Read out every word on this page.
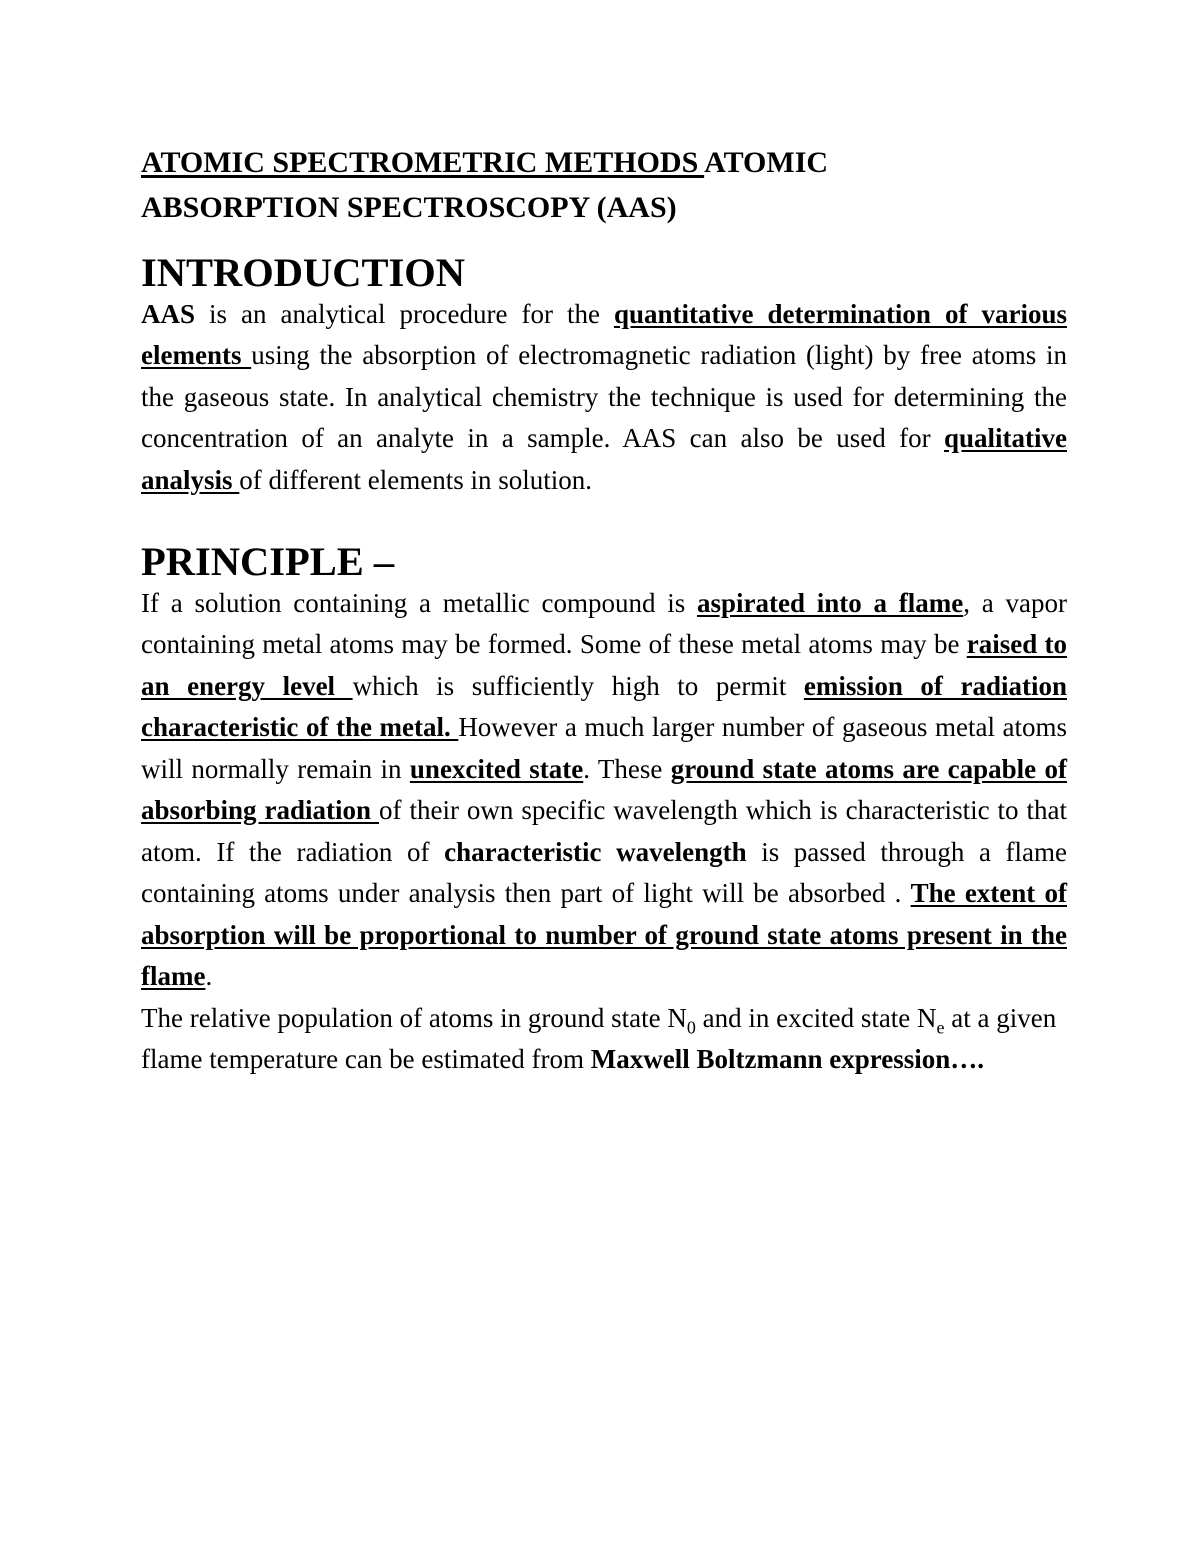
ATOMIC SPECTROMETRIC METHODS ATOMIC
ABSORPTION SPECTROSCOPY (AAS)
INTRODUCTION

AAS is an analytical procedure for the quantitative determination of various elements using the absorption of electromagnetic radiation (light) by free atoms in the gaseous state. In analytical chemistry the technique is used for determining the concentration of an analyte in a sample. AAS can also be used for qualitative analysis of different elements in solution.

PRINCIPLE –

If a solution containing a metallic compound is aspirated into a flame, a vapor containing metal atoms may be formed. Some of these metal atoms may be raised to an energy level which is sufficiently high to permit emission of radiation characteristic of the metal. However a much larger number of gaseous metal atoms will normally remain in unexcited state. These ground state atoms are capable of absorbing radiation of their own specific wavelength which is characteristic to that atom. If the radiation of characteristic wavelength is passed through a flame containing atoms under analysis then part of light will be absorbed . The extent of absorption will be proportional to number of ground state atoms present in the flame.

The relative population of atoms in ground state $N_0$ and in excited state $N_e$ at a given flame temperature can be estimated from Maxwell Boltzmann expression….
